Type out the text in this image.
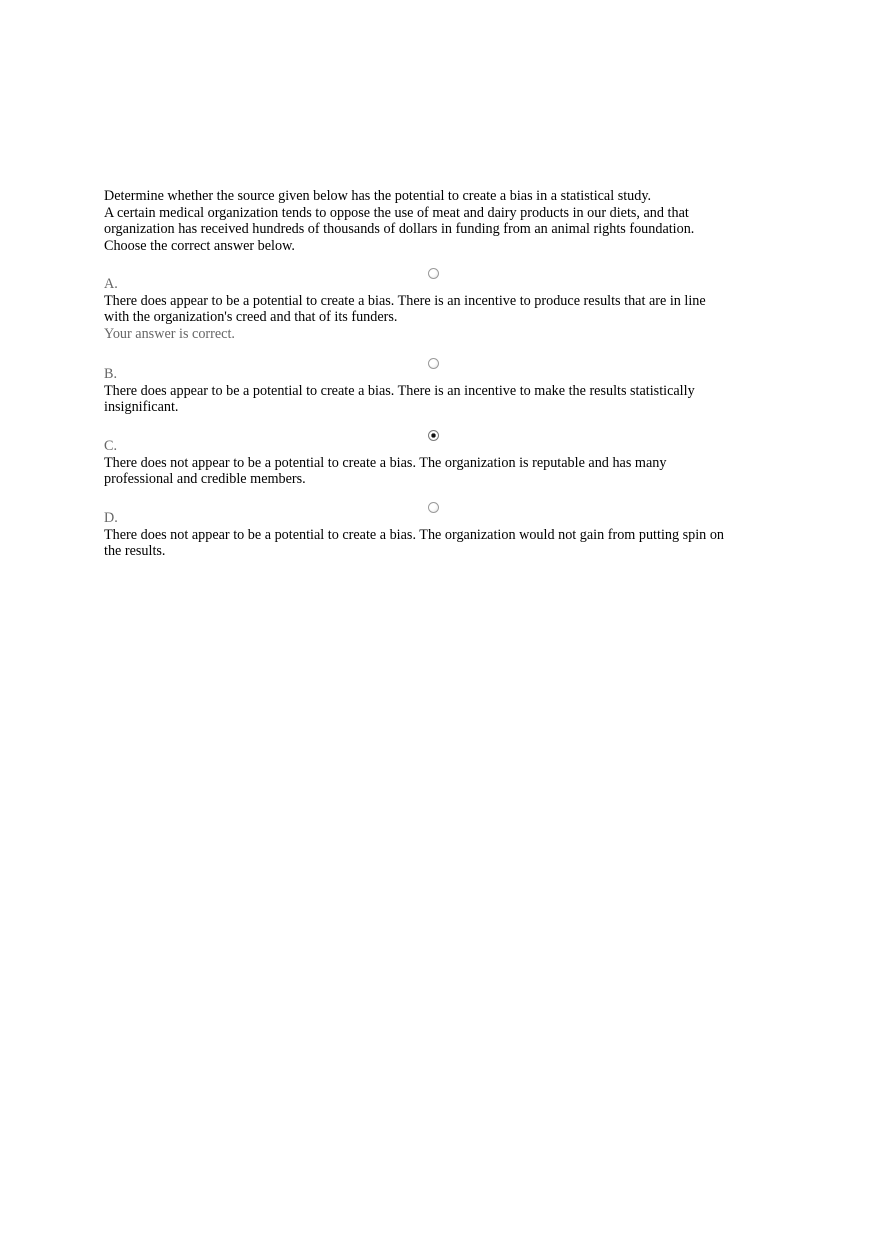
Determine whether the source given below has the potential to create a bias in a statistical study.

A certain medical organization tends to oppose the use of meat and dairy products in our diets, and that organization has received hundreds of thousands of dollars in funding from an animal rights foundation.

Choose the correct answer below.

A.
There does appear to be a potential to create a bias. There is an incentive to produce results that are in line with the organization's creed and that of its funders.
Your answer is correct.
B.
There does appear to be a potential to create a bias. There is an incentive to make the results statistically insignificant.
C.
There does not appear to be a potential to create a bias. The organization is reputable and has many professional and credible members.
D.
There does not appear to be a potential to create a bias. The organization would not gain from putting spin on the results.
